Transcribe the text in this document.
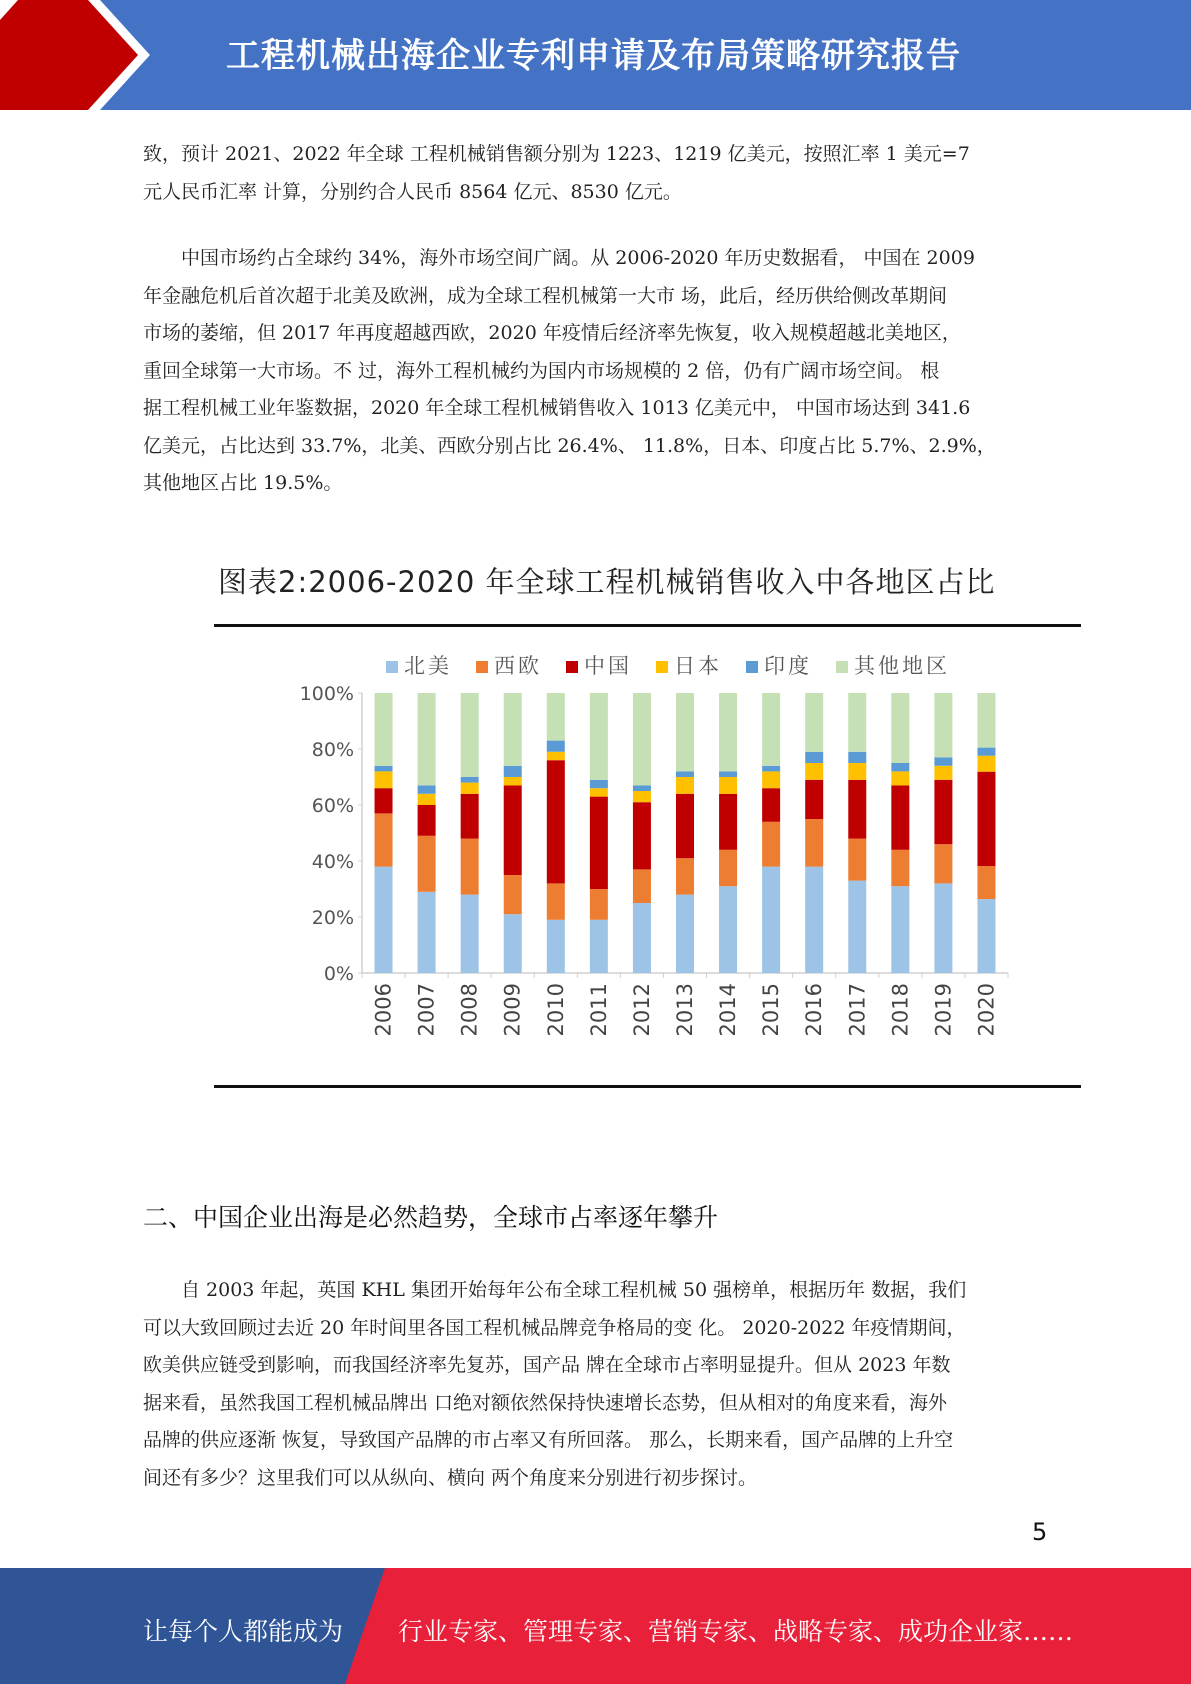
工程机械出海企业专利申请及布局策略研究报告
致，预计 2021、2022 年全球 工程机械销售额分别为 1223、1219 亿美元，按照汇率 1 美元=7
元人民币汇率 计算，分别约合人民币 8564 亿元、8530 亿元。
　　中国市场约占全球约 34%，海外市场空间广阔。从 2006-2020 年历史数据看， 中国在 2009
年金融危机后首次超于北美及欧洲，成为全球工程机械第一大市 场，此后，经历供给侧改革期间
市场的萎缩，但 2017 年再度超越西欧，2020 年疫情后经济率先恢复，收入规模超越北美地区，
重回全球第一大市场。不 过，海外工程机械约为国内市场规模的 2 倍，仍有广阔市场空间。 根
据工程机械工业年鉴数据，2020 年全球工程机械销售收入 1013 亿美元中， 中国市场达到 341.6
亿美元，占比达到 33.7%，北美、西欧分别占比 26.4%、 11.8%，日本、印度占比 5.7%、2.9%，
其他地区占比 19.5%。
图表2:2006-2020 年全球工程机械销售收入中各地区占比
0%
20%
40%
60%
80%
100%
2006 2007 2008 2009 2010 2011 2012 2013 2014 2015 2016 2017 2018 2019 2020
北美 西欧 中国 日本 印度 其他地区
二、中国企业出海是必然趋势，全球市占率逐年攀升
　　自 2003 年起，英国 KHL 集团开始每年公布全球工程机械 50 强榜单，根据历年 数据，我们
可以大致回顾过去近 20 年时间里各国工程机械品牌竞争格局的变 化。 2020-2022 年疫情期间，
欧美供应链受到影响，而我国经济率先复苏，国产品 牌在全球市占率明显提升。但从 2023 年数
据来看，虽然我国工程机械品牌出 口绝对额依然保持快速增长态势，但从相对的角度来看，海外
品牌的供应逐渐 恢复，导致国产品牌的市占率又有所回落。 那么，长期来看，国产品牌的上升空
间还有多少？这里我们可以从纵向、横向 两个角度来分别进行初步探讨。
5
让每个人都能成为 行业专家、管理专家、营销专家、战略专家、成功企业家……
